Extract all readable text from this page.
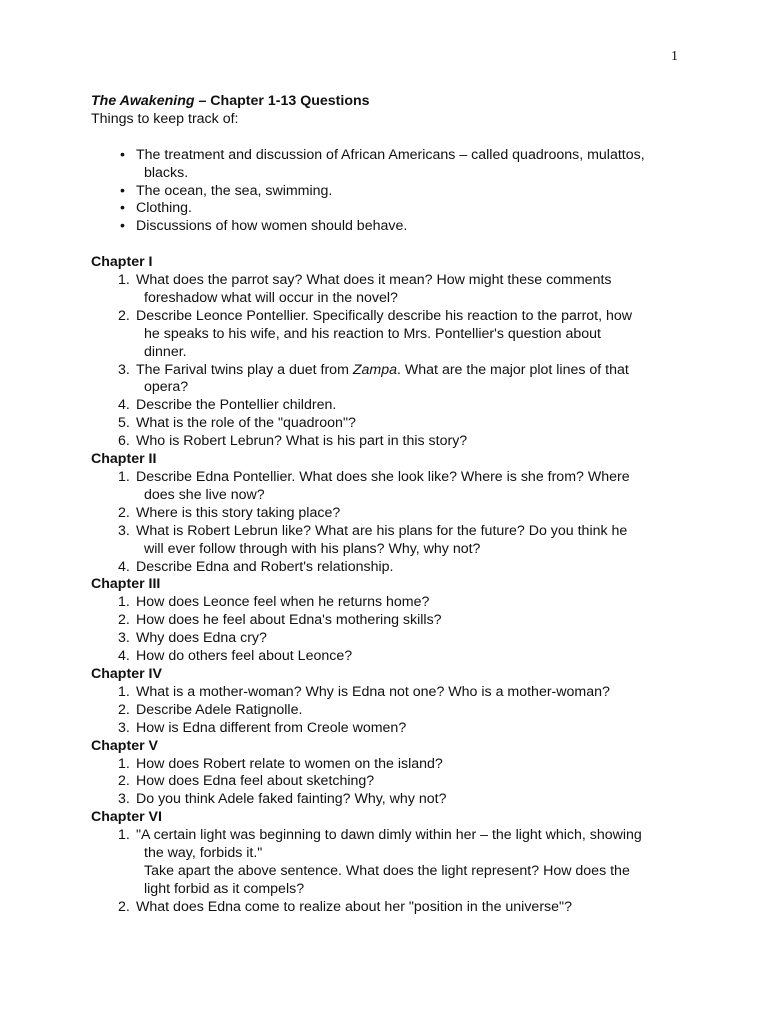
1

The Awakening – Chapter 1-13 Questions

Things to keep track of:

• The treatment and discussion of African Americans – called quadroons, mulattos,
blacks.
• The ocean, the sea, swimming.
• Clothing.
• Discussions of how women should behave.

Chapter I

1. What does the parrot say? What does it mean? How might these comments
foreshadow what will occur in the novel?
2. Describe Leonce Pontellier. Specifically describe his reaction to the parrot, how
he speaks to his wife, and his reaction to Mrs. Pontellier's question about
dinner.
3. The Farival twins play a duet from Zampa. What are the major plot lines of that
opera?
4. Describe the Pontellier children.
5. What is the role of the "quadroon"?
6. Who is Robert Lebrun? What is his part in this story?

Chapter II

1. Describe Edna Pontellier. What does she look like? Where is she from? Where
does she live now?
2. Where is this story taking place?
3. What is Robert Lebrun like? What are his plans for the future? Do you think he
will ever follow through with his plans? Why, why not?
4. Describe Edna and Robert's relationship.

Chapter III

1. How does Leonce feel when he returns home?
2. How does he feel about Edna's mothering skills?
3. Why does Edna cry?
4. How do others feel about Leonce?

Chapter IV

1. What is a mother-woman? Why is Edna not one? Who is a mother-woman?
2. Describe Adele Ratignolle.
3. How is Edna different from Creole women?

Chapter V

1. How does Robert relate to women on the island?
2. How does Edna feel about sketching?
3. Do you think Adele faked fainting? Why, why not?

Chapter VI

1. "A certain light was beginning to dawn dimly within her – the light which, showing
the way, forbids it."
Take apart the above sentence. What does the light represent? How does the
light forbid as it compels?
2. What does Edna come to realize about her "position in the universe"?
